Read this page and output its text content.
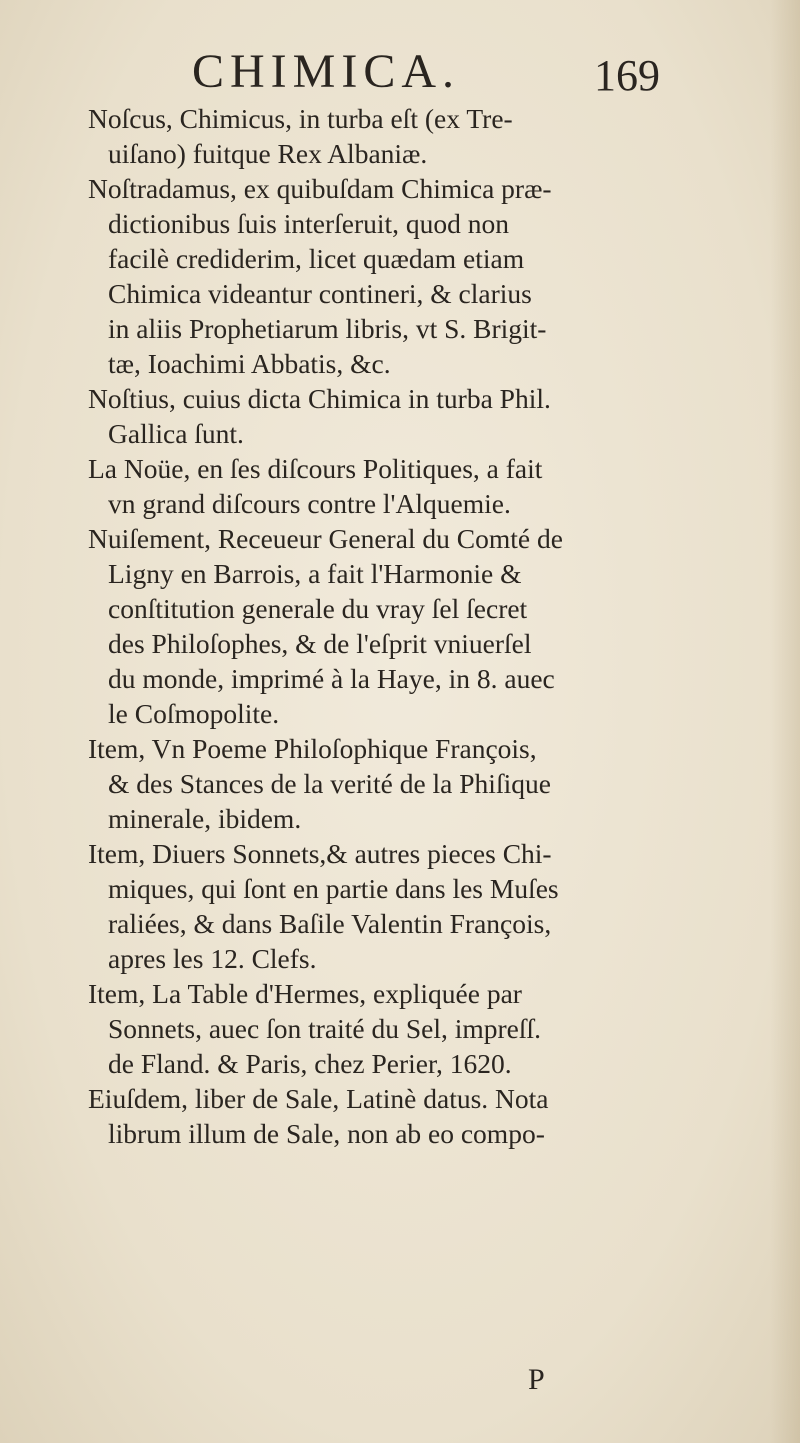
CHIMICA.	169
Noſcus, Chimicus, in turba eſt (ex Tre-
uiſano) fuitque Rex Albaniæ.
Noſtradamus, ex quibuſdam Chimica præ-
dictionibus ſuis interſeruit, quod non
facilè crediderim, licet quædam etiam
Chimica videantur contineri, & clarius
in aliis Prophetiarum libris, vt S. Brigit-
tæ, Ioachimi Abbatis, &c.
Noſtius, cuius dicta Chimica in turba Phil.
Gallica ſunt.
La Noüe, en ſes diſcours Politiques, a fait
vn grand diſcours contre l'Alquemie.
Nuiſement, Receueur General du Comté de
Ligny en Barrois, a fait l'Harmonie &
conſtitution generale du vray ſel ſecret
des Philoſophes, & de l'eſprit vniuerſel
du monde, imprimé à la Haye, in 8. auec
le Coſmopolite.
Item, Vn Poeme Philoſophique François,
& des Stances de la verité de la Phiſique
minerale, ibidem.
Item, Diuers Sonnets,& autres pieces Chi-
miques, qui ſont en partie dans les Muſes
raliées, & dans Baſile Valentin François,
apres les 12. Clefs.
Item, La Table d'Hermes, expliquée par
Sonnets, auec ſon traité du Sel, impreſſ.
de Fland. & Paris, chez Perier, 1620.
Eiuſdem, liber de Sale, Latinè datus. Nota
librum illum de Sale, non ab eo compo-
P
